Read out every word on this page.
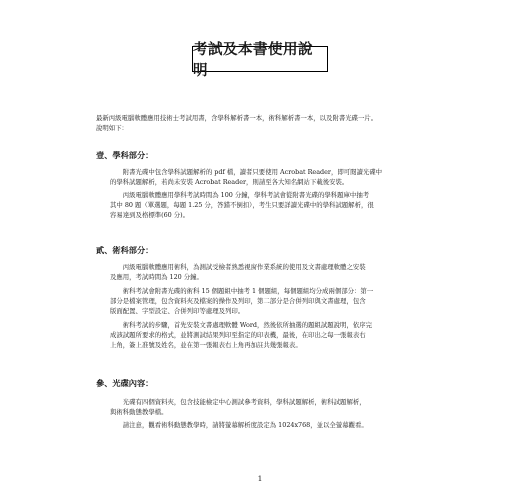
考試及本書使用說明

最新丙級電腦軟體應用技術士考試用書，含學科解析書一本，術科解析書一本，以及附書光碟一片。
說明如下：

壹、學科部分：

　　附書光碟中包含學科試題解析的 pdf 檔，讀者只要使用 Acrobat Reader，即可閱讀光碟中
的學科試題解析，若尚未安裝 Acrobat Reader，則請至各大知名網站下載後安裝。

　　丙級電腦軟體應用學科考試時間為 100 分鐘，學科考試會從附書光碟的學科題庫中抽考
其中 80 題（單選題，每題 1.25 分，答錯不倒扣），考生只要詳讀光碟中的學科試題解析，很
容易達到及格標準(60 分)。

貳、術科部分：

　　丙級電腦軟體應用術科，為測試受檢者熟悉視窗作業系統的使用及文書處理軟體之安裝
及應用，考試時間為 120 分鐘。

　　術科考試會附書光碟的術科 15 個題組中抽考 1 個題組，每個題組均分成兩個部分：第一
部分是檔案管理，包含資料夾及檔案的操作及列印，第二部分是合併列印與文書處理，包含
版面配置、字型設定、合併列印等處理及列印。

　　術科考試的步驟，首先安裝文書處理軟體 Word，然後依所抽選的題組試題說明，依序完
成該試題所要求的格式，並將測試結果列印至指定的印表機，最後，在印出之每一張報表右
上角，簽上准號及姓名，並在第一張報表右上角再加註共幾張報表。

參、光碟內容：

　　光碟有四個資料夾，包含技能檢定中心測試參考資料，學科試題解析，術科試題解析，
與術科動態教學檔。

　　請注意，觀看術科動態教學時，請將螢幕解析度設定為 1024x768，並以全螢幕觀看。

1
